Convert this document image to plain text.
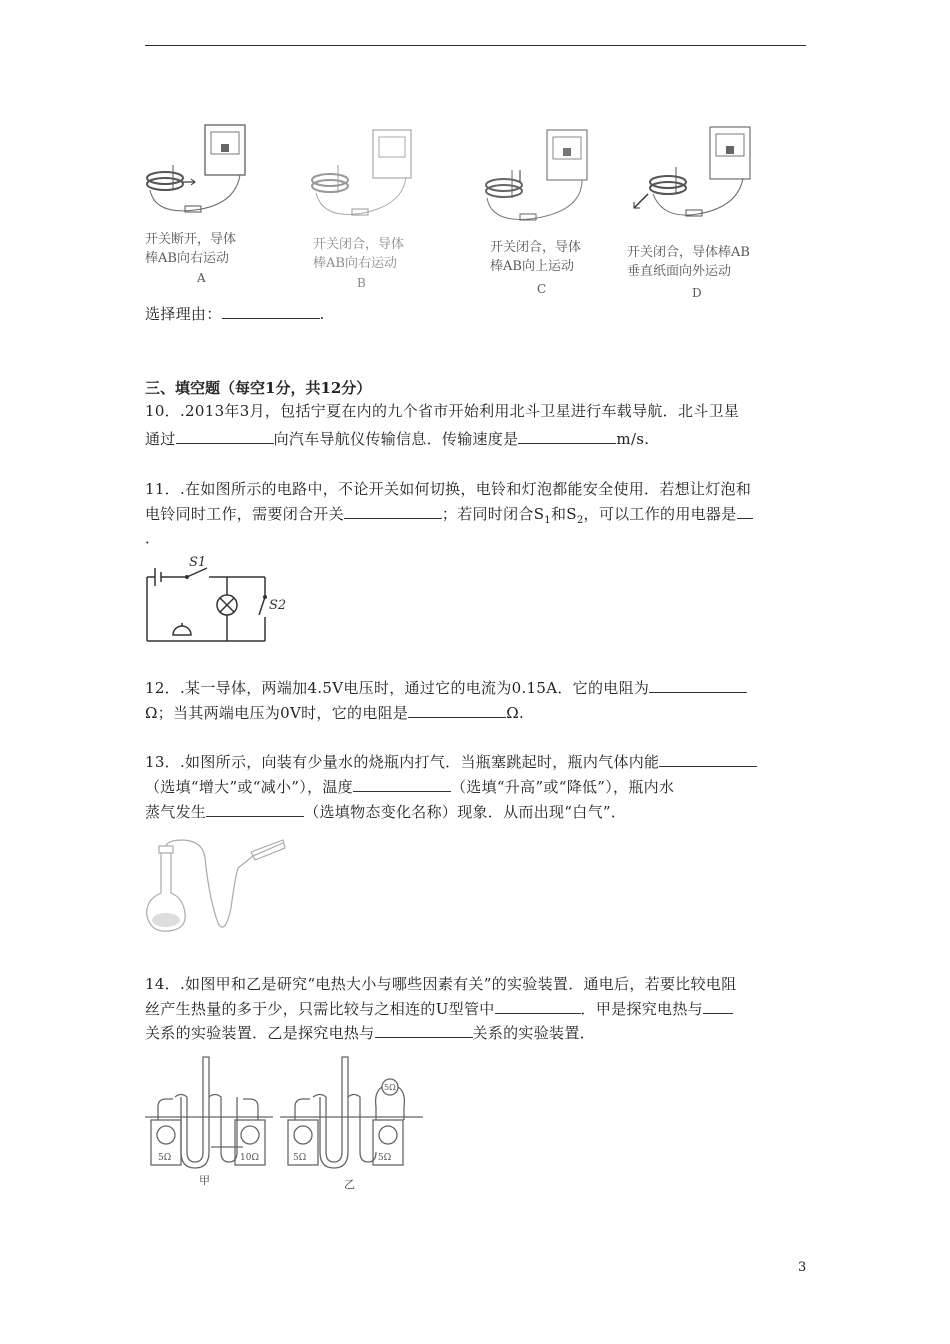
开关断开，导体
棒AB向右运动
A
开关闭合，导体
棒AB向右运动
B
开关闭合，导体
棒AB向上运动
C
开关闭合，导体棒AB
垂直纸面向外运动
D
选择理由：	.
三、填空题（每空1分，共12分）
10．.2013年3月，包括宁夏在内的九个省市开始利用北斗卫星进行车载导航．北斗卫星
通过	向汽车导航仪传输信息．传输速度是	m/s.
11．.在如图所示的电路中，不论开关如何切换，电铃和灯泡都能安全使用．若想让灯泡和
电铃同时工作，需要闭合开关	；若同时闭合$S_1$和$S_2$，可以工作的用电器是
．
S1
S2
12．.某一导体，两端加4.5V电压时，通过它的电流为0.15A．它的电阻为
Ω；当其两端电压为0V时，它的电阻是	Ω.
13．.如图所示，向装有少量水的烧瓶内打气．当瓶塞跳起时，瓶内气体内能
（选填“增大”或“减小”），温度	（选填“升高”或“降低”），瓶内水
蒸气发生	（选填物态变化名称）现象．从而出现“白气”．
14．.如图甲和乙是研究“电热大小与哪些因素有关”的实验装置．通电后，若要比较电阻
丝产生热量的多于少，只需比较与之相连的U型管中	．甲是探究电热与
关系的实验装置．乙是探究电热与	关系的实验装置．
5Ω	10Ω
甲
5Ω	5Ω
5Ω
乙
3
